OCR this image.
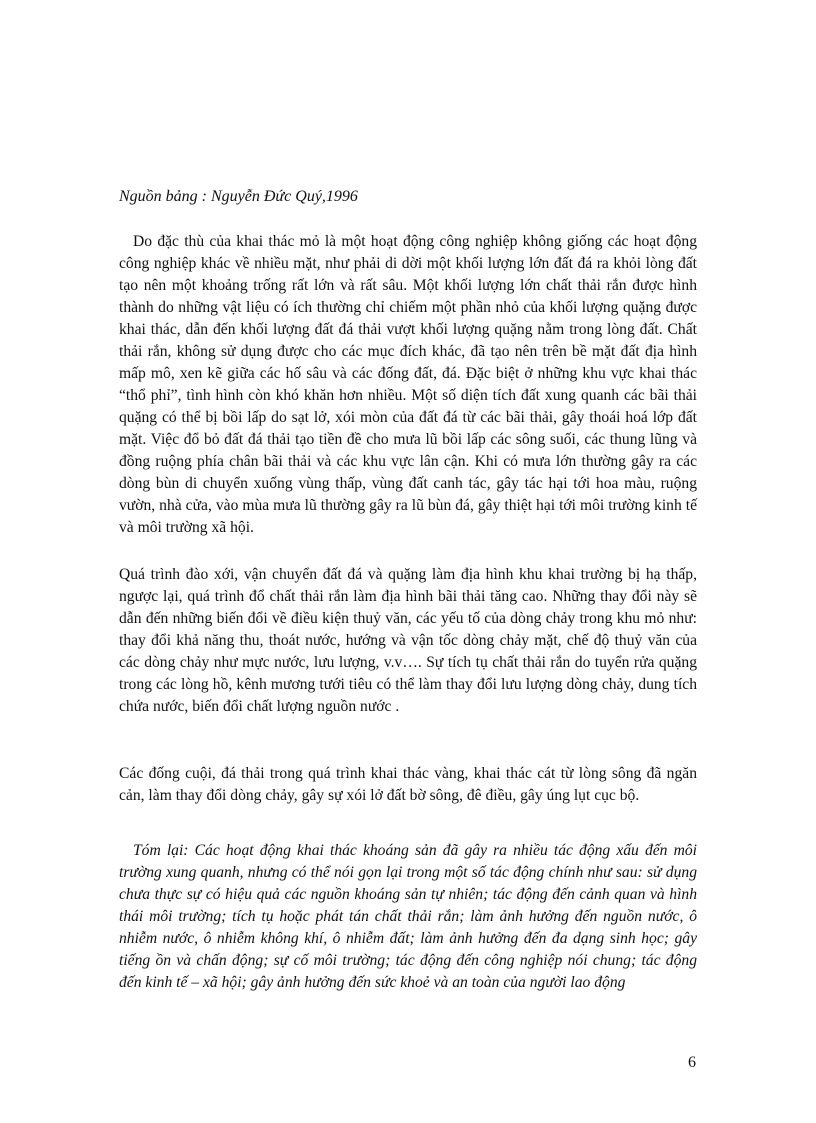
Nguồn bảng : Nguyễn Đức Quý,1996

Do đặc thù của khai thác mỏ là một hoạt động công nghiệp không giống các hoạt động công nghiệp khác về nhiều mặt, như phải di dời một khối lượng lớn đất đá ra khỏi lòng đất tạo nên một khoảng trống rất lớn và rất sâu. Một khối lượng lớn chất thải rắn được hình thành do những vật liệu có ích thường chỉ chiếm một phần nhỏ của khối lượng quặng được khai thác, dẫn đến khối lượng đất đá thải vượt khối lượng quặng nằm trong lòng đất. Chất thải rắn, không sử dụng được cho các mục đích khác, đã tạo nên trên bề mặt đất địa hình mấp mô, xen kẽ giữa các hố sâu và các đống đất, đá. Đặc biệt ở những khu vực khai thác “thổ phỉ”, tình hình còn khó khăn hơn nhiều. Một số diện tích đất xung quanh các bãi thải quặng có thể bị bồi lấp do sạt lở, xói mòn của đất đá từ các bãi thải, gây thoái hoá lớp đất mặt. Việc đổ bỏ đất đá thải tạo tiền đề cho mưa lũ bồi lấp các sông suối, các thung lũng và đồng ruộng phía chân bãi thải và các khu vực lân cận. Khi có mưa lớn thường gây ra các dòng bùn di chuyển xuống vùng thấp, vùng đất canh tác, gây tác hại tới hoa màu, ruộng vườn, nhà cửa, vào mùa mưa lũ thường gây ra lũ bùn đá, gây thiệt hại tới môi trường kinh tế và môi trường xã hội.

Quá trình đào xới, vận chuyển đất đá và quặng làm địa hình khu khai trường bị hạ thấp, ngược lại, quá trình đổ chất thải rắn làm địa hình bãi thải tăng cao. Những thay đổi này sẽ dẫn đến những biến đổi về điều kiện thuỷ văn, các yếu tố của dòng chảy trong khu mỏ như: thay đổi khả năng thu, thoát nước, hướng và vận tốc dòng chảy mặt, chế độ thuỷ văn của các dòng chảy như mực nước, lưu lượng, v.v…. Sự tích tụ chất thải rắn do tuyển rửa quặng trong các lòng hồ, kênh mương tưới tiêu có thể làm thay đổi lưu lượng dòng chảy, dung tích chứa nước, biến đổi chất lượng nguồn nước .

Các đống cuội, đá thải trong quá trình khai thác vàng, khai thác cát từ lòng sông đã ngăn cản, làm thay đổi dòng chảy, gây sự xói lở đất bờ sông, đê điều, gây úng lụt cục bộ.

Tóm lại: Các hoạt động khai thác khoáng sản đã gây ra nhiều tác động xấu đến môi trường xung quanh, nhưng có thể nói gọn lại trong một số tác động chính như sau: sử dụng chưa thực sự có hiệu quả các nguồn khoáng sản tự nhiên; tác động đến cảnh quan và hình thái môi trường; tích tụ hoặc phát tán chất thải rắn; làm ảnh hưởng đến nguồn nước, ô nhiễm nước, ô nhiễm không khí, ô nhiễm đất; làm ảnh hưởng đến đa dạng sinh học; gây tiếng ồn và chấn động; sự cố môi trường; tác động đến công nghiệp nói chung; tác động đến kinh tế – xã hội; gây ảnh hưởng đến sức khoẻ và an toàn của người lao động

6
